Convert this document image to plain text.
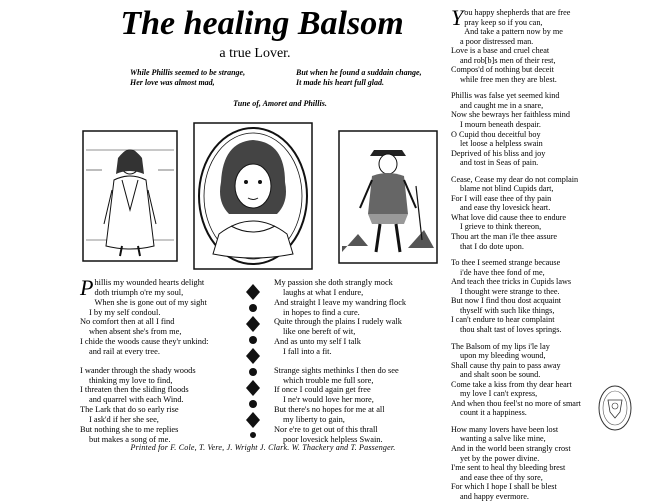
The healing Balsom
a true Lover.
While Phillis seemed to be strange,
Her love was almost mad,
But when he found a suddain change,
It made his heart full glad.
Tune of, Amoret and Phillis.
P hillis my wounded hearts delight

doth triumph o're my soul,

When she is gone out of my sight

I by my self condoul.

No comfort then at all I find

when absent she's from me,

I chide the woods cause they'r unkind:

and rail at every tree.

I wander through the shady woods

thinking my love to find,

I threaten then the sliding floods

and quarrel with each Wind.

The Lark that do so early rise

I ask'd if her she see,

But nothing she to me replies

but makes a song of me.

My passion she doth strangly mock

laughs at what I endure,

And straight I leave my wandring flock

in hopes to find a cure.

Quite through the plains I rudely walk

like one bereft of wit,

And as unto my self I talk

I fall into a fit.

Strange sights methinks I then do see

which trouble me full sore,

If once I could again get free

I ne'r would love her more,

But there's no hopes for me at all

my liberty to gain,

Nor e're to get out of this thrall

poor lovesick helpless Swain.

Y ou happy shepherds that are free

pray keep so if you can,

And take a pattern now by me

a poor distressed man.

Love is a base and cruel cheat

and rob[b]s men of their rest,

Compos'd of nothing but deceit

while free men they are blest.

Phillis was false yet seemed kind

and caught me in a snare,

Now she bewrays her faithless mind

I mourn beneath despair.

O Cupid thou deceitful boy

let loose a helpless swain

Deprived of his bliss and joy

and tost in Seas of pain.

Cease, Cease my dear do not complain

blame not blind Cupids dart,

For I will ease thee of thy pain

and ease thy lovesick heart.

What love did cause thee to endure

I grieve to think thereon,

Thou art the man i'le thee assure

that I do dote upon.

To thee I seemed strange because

i'de have thee fond of me,

And teach thee tricks in Cupids laws

I thought were strange to thee.

But now I find thou dost acquaint

thyself with such like things,

I can't endure to hear complaint

thou shalt tast of loves springs.

The Balsom of my lips i'le lay

upon my bleeding wound,

Shall cause thy pain to pass away

and shalt soon be sound.

Come take a kiss from thy dear heart

my love I can't express,

And when thou feel'st no more of smart

count it a happiness.

How many lovers have been lost

wanting a salve like mine,

And in the world been strangly crost

yet by the power divine.

I'me sent to heal thy bleeding brest

and ease thee of thy sore,

For which I hope I shall be blest

and happy evermore.

Printed for F. Cole, T. Vere, J. Wright J. Clark. W. Thackery and T. Passenger.
